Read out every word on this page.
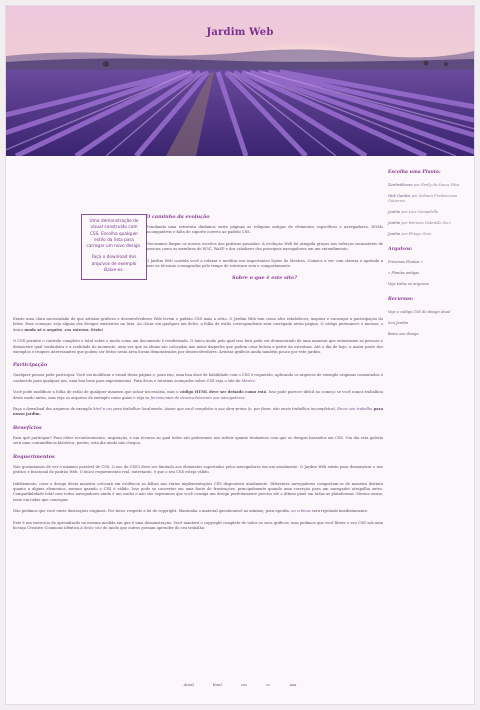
Jardim Web
Escolha uma Planta:
Zardwithcare por Emily da Souza Silva
Web Garden por Soleura Prudenciano Gutierrez
Jardim por Luiz Campidelle
Jardim por Werneia Gabrielle Zorz
Jardim por Ehtayo Gore
Arquivos:
Próximas Plantas »
» Plantas antigas
Veja todos os arquivos
Recursos:
Veja o código CSS do design atual
Seu Jardim
Baixe seu design

Uma demonstração do visual construído com CSS. Escolha qualquer estilo da lista para carregar um novo design.

Faça o download dos arquivos de exemplo Baixe-os.

O caminho da evolução

Estudando uma estrutura dinâmica entre páginas as relíquias antigas de elementos específicos e navegadores, DOMs incompatíveis e falta de suporte correto ao padrão CSS.

Precisamos limpar os nossos escritos das práticas passadas. A evolução Web foi atingida graças aos esforços incansáveis de pessoas como os membros do W3C, WaSP e dos criadores dos principais navegadores em um entendimento.

O Jardim Web convida você a relaxar e meditar nas importantes lições do Mestres. Comece a ver com clareza e aprenda a usar as técnicas consagradas pelo tempo de estrutura sem e comportamento.

Sobre o que é este site?

Existe uma clara necessidade de que artistas gráficos e desenvolvedores Web levem o padrão CSS mais a sério. O Jardim Web tem como alvo estabelecer, inspirar e encorajar a participação do leitor. Para começar, veja alguns dos designs existentes na lista. Ao clicar em qualquer um deles, a folha de estilo correspondente será carregada nesta página. O código permanece o mesmo; o único muda só o arquivo .css externo. Sério!

O CSS permite o controle completo e total sobre o modo como um documento é renderizado. O único modo pelo qual isso fará pode ser demonstrado de uma maneira que entusiasme as pessoas e demonstre qual verdadeira e a realidade do momento, uma vez que as ideias são colocadas nas mãos daqueles que podem criar beleza a partir da estrutura. Até o dia de hoje, a maior parte dos exemplos e truques interessantes que podem ser feitos nesta área foram demonstrados por desenvolvedores. Artistas gráficos ainda também pouco por este jardim.

Participação

Qualquer pessoa pode participar. Você vai modificar o visual desta página e, para isto, uma boa dose de habilidade com o CSS é requerido, aplicando os arquivos de exemplo originais comentados o conhecido para qualquer um, uma boa base para experimentos. Para dicas e tutoriais avançados sobre CSS veja o site do Mestre.

Você pode modificar a folha de estilo de qualquer maneira que achar necessária, mas o código HTML deve ser deixado como está. Isso pode parecer difícil no começo se você nunca trabalhou deste modo antes, mas veja os arquivos de exemplo como guias e veja as ferramentas de desenvolvimento nos navegadores.

Faça o download dos arquivos de exemplo html e css para trabalhar localmente. Assim que você completar a sua obra-prima (e, por favor, não envie trabalhos incompletos), Envie seu trabalho para nosso jardim.

Benefícios

Para quê participar? Para obter reconhecimento, inspiração, e um recurso ao qual todos nós poderemos nos referir quanto tentarmos com que os designs baseados em CSS. Um dia esta galeria será uma contundência histórica; porém, esta dia ainda não chegou.

Requerimentos

Não gostaríamos de ver o máximo possível de CSS. O uso de CSS3 deve ser limitado aos elementos suportados pelos navegadores em um atualmente. O Jardim Web existe para demonstrar o uso prático e funcional do padrão Web. O único requerimento real, entretanto, é que o seu CSS esteja válido.

Infelizmente, criar o design desta maneira colocará em evidência as falhas nas várias implementações CSS disponíveis atualmente. Diferentes navegadores comportam-se de maneira distinta quanto a alguns elementos, mesmo quando o CSS é válido. Isso pode se converter em uma fonte de frustrações, principalmente quando uma correção para um navegador atrapalha outro. Compatibilidade total com todos navegadores ainda é um sonho e não são esperamos que você consiga um design perfeitamente preciso até o último pixel em todas as plataformas. Mesmo assim, teste em todas que conseguir.

Não pedimos que você envie ilustrações originais. Por favor, respeite a lei de copyright. Mantenha o material questionável ao mínimo; porn aprofia, ou críticas será rejeitada imediatamente.

Este é um exercício de aprendizado na mesma medida em que é uma demonstração. Você manterá o copyright completo de todos os seus gráficos, mas pedimos que você libere o seu CSS sob uma licença Creative Commons idêntica à deste site de modo que outros possam aprender do seu trabalho.

Atual	html	css	cc	aaa
